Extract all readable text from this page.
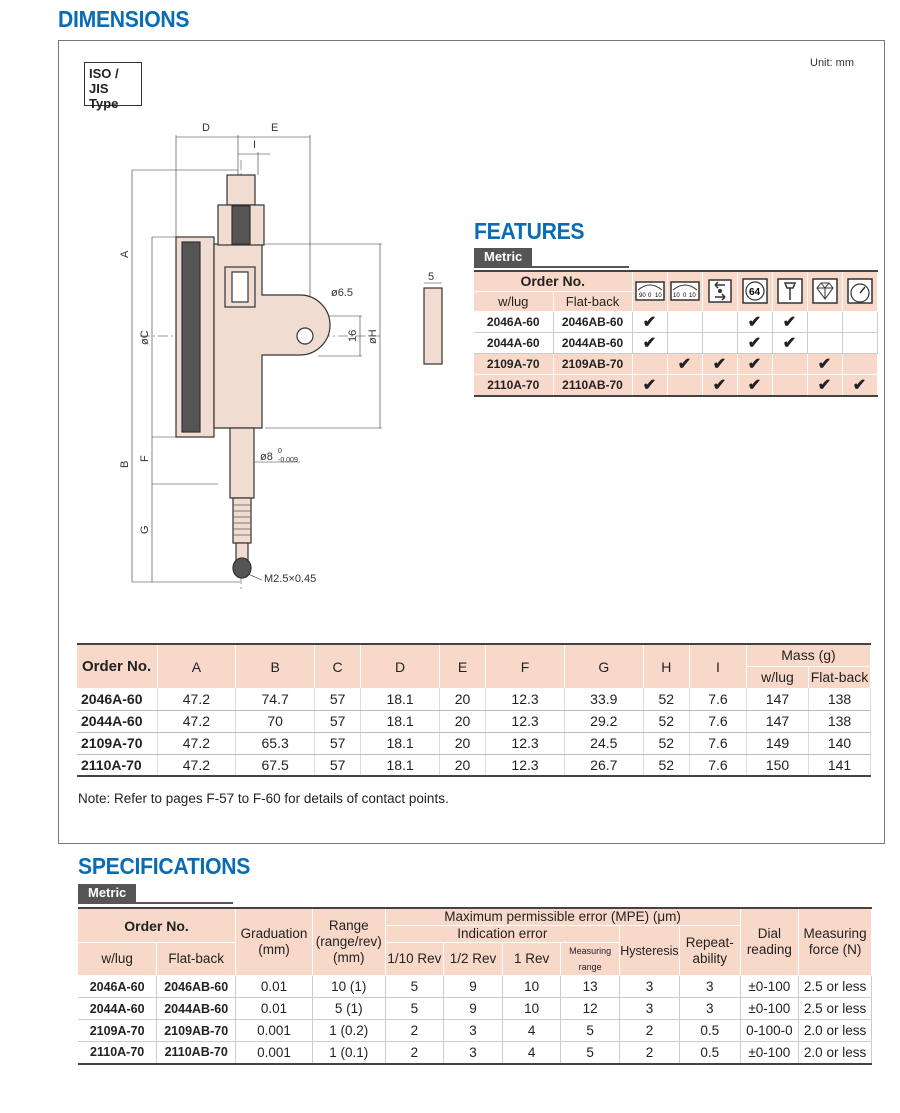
DIMENSIONS
ISO / JIS
Type
Unit: mm
D	E
I
A
B
øC
F
G
øH
ø6.5
16
ø8 0
-0.009
M2.5×0.45
5
FEATURES
Metric
Order No.		90 0 10	10 0 10		64

w/lug	Flat-back							
2046A-60	2046AB-60	✔			✔	✔		
2044A-60	2044AB-60	✔			✔	✔		
2109A-70	2109AB-70		✔	✔	✔		✔	
2110A-70	2110AB-70	✔		✔	✔		✔	✔
Order No.	A	B	C	D	E	F	G	H	I	Mass (g)	
										w/lug	Flat-back
2046A-60	47.2	74.7	57	18.1	20	12.3	33.9	52	7.6	147	138
2044A-60	47.2	70	57	18.1	20	12.3	29.2	52	7.6	147	138
2109A-70	47.2	65.3	57	18.1	20	12.3	24.5	52	7.6	149	140
2110A-70	47.2	67.5	57	18.1	20	12.3	26.7	52	7.6	150	141
Note: Refer to pages F-57 to F-60 for details of contact points.
SPECIFICATIONS
Metric
Order No.		Graduation (mm)	Range (range/rev) (mm)	Maximum permissible error (MPE) (μm)						Dial reading	Measuring force (N)
				Indication error				Hysteresis	Repeat-ability		
w/lug	Flat-back			1/10 Rev	1/2 Rev	1 Rev	Measuring range				
2046A-60	2046AB-60	0.01	10 (1)	5	9	10	13	3	3	±0-100	2.5 or less
2044A-60	2044AB-60	0.01	5 (1)	5	9	10	12	3	3	±0-100	2.5 or less
2109A-70	2109AB-70	0.001	1 (0.2)	2	3	4	5	2	0.5	0-100-0	2.0 or less
2110A-70	2110AB-70	0.001	1 (0.1)	2	3	4	5	2	0.5	±0-100	2.0 or less
